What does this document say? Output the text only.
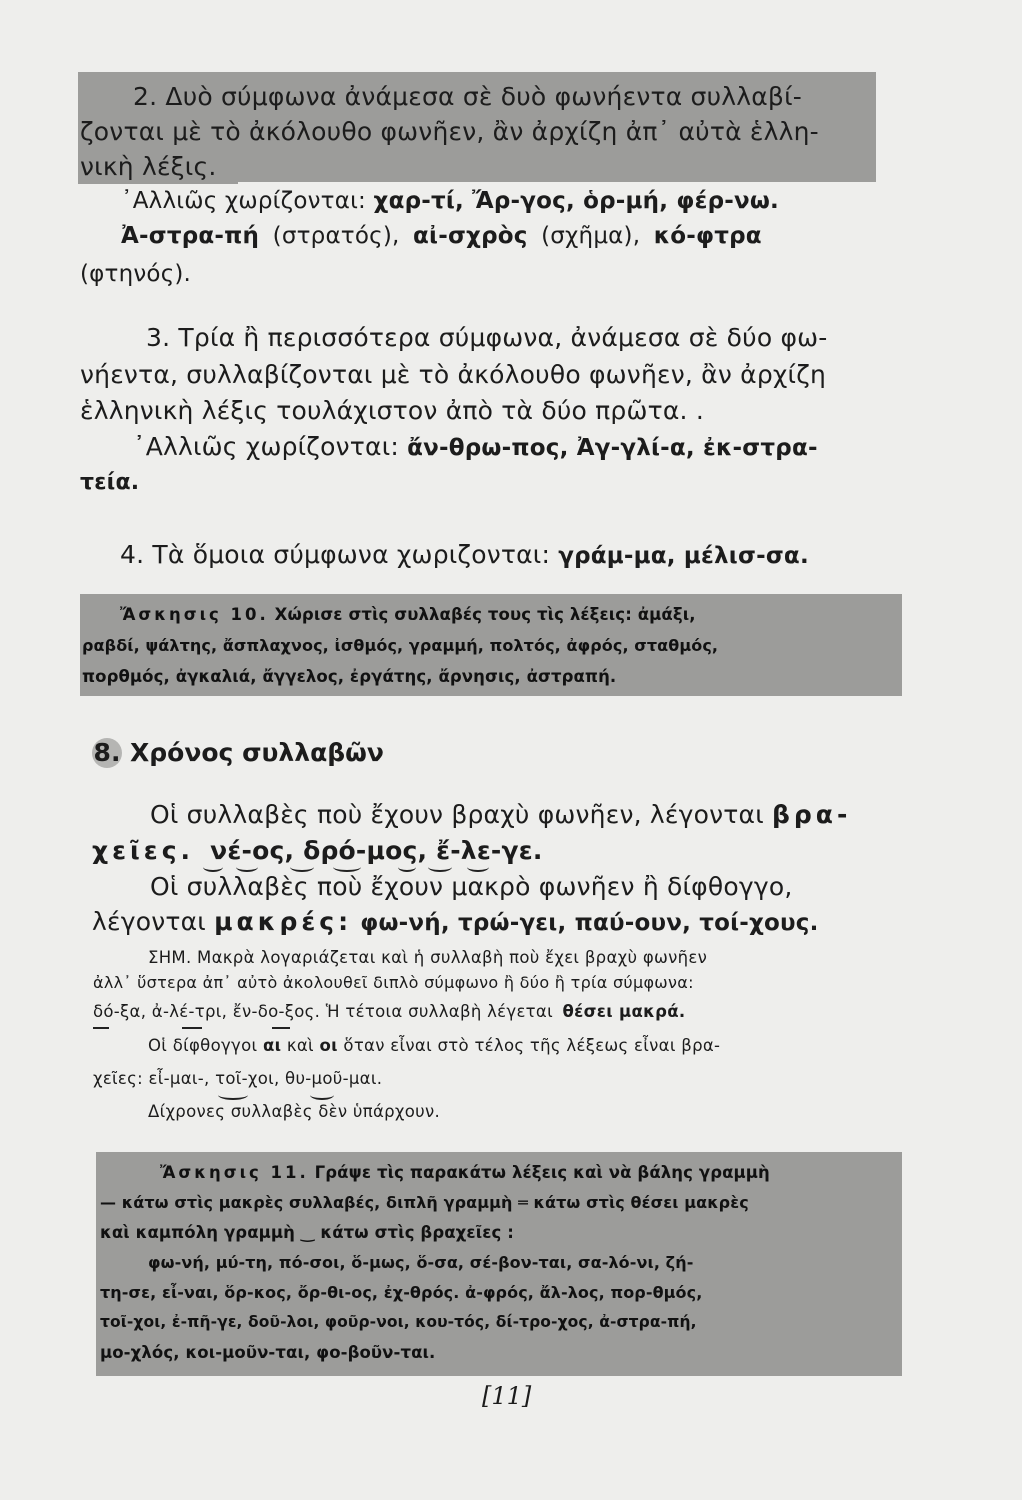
2. Δυὸ σύμφωνα ἀνάμεσα σὲ δυὸ φωνήεντα συλλαβί-
ζονται μὲ τὸ ἀκόλουθο φωνῆεν, ἂν ἀρχίζη ἀπ᾽ αὐτὰ ἑλλη-
νικὴ λέξις.
᾿Αλλιῶς χωρίζονται: χαρ-τί, Ἄρ-γος, ὁρ-μή, φέρ-νω.
Ἀ-στρα-πή (στρατός), αἰ-σχρὸς (σχῆμα), κό-φτρα
(φτηνός).
3. Τρία ἢ περισσότερα σύμφωνα, ἀνάμεσα σὲ δύο φω-
νήεντα, συλλαβίζονται μὲ τὸ ἀκόλουθο φωνῆεν, ἂν ἀρχίζη
ἑλληνικὴ λέξις τουλάχιστον ἀπὸ τὰ δύο πρῶτα. .
᾿Αλλιῶς χωρίζονται: ἄν-θρω-πος, Ἀγ-γλί-α, ἐκ-στρα-
τεία.
4. Τὰ ὅμοια σύμφωνα χωριζονται: γράμ-μα, μέλισ-σα.
Ἄσκησις 10. Χώρισε στὶς συλλαβές τους τὶς λέξεις: ἀμάξι,
ραβδί, ψάλτης, ἄσπλαχνος, ἰσθμός, γραμμή, πολτός, ἀφρός, σταθμός,
πορθμός, ἀγκαλιά, ἄγγελος, ἐργάτης, ἄρνησις, ἀστραπή.
8. Χρόνος συλλαβῶν
Οἱ συλλαβὲς ποὺ ἔχουν βραχὺ φωνῆεν, λέγονται βρα-
χεῖες. νέ-ος, δρό-μος, ἔ-λε-γε.
Οἱ συλλαβὲς ποὺ ἔχουν μακρὸ φωνῆεν ἢ δίφθογγο,
λέγονται μακρές: φω-νή, τρώ-γει, παύ-ουν, τοί-χους.
ΣΗΜ. Μακρὰ λογαριάζεται καὶ ἡ συλλαβὴ ποὺ ἔχει βραχὺ φωνῆεν
ἀλλ᾽ ὕστερα ἀπ᾽ αὐτὸ ἀκολουθεῖ διπλὸ σύμφωνο ἢ δύο ἢ τρία σύμφωνα:
δό-ξα, ἀ-λέ-τρι, ἔν-δο-ξος. Ἡ τέτοια συλλαβὴ λέγεται θέσει μακρά.
Οἱ δίφθογγοι αι καὶ οι ὅταν εἶναι στὸ τέλος τῆς λέξεως εἶναι βρα-
χεῖες: εἶ-μαι-, τοῖ-χοι, θυ-μοῦ-μαι.
Δίχρονες συλλαβὲς δὲν ὑπάρχουν.
Ἄσκησις 11. Γράψε τὶς παρακάτω λέξεις καὶ νὰ βάλης γραμμὴ
— κάτω στὶς μακρὲς συλλαβές, διπλῆ γραμμὴ ═ κάτω στὶς θέσει μακρὲς
καὶ καμπόλη γραμμὴ ‿ κάτω στὶς βραχεῖες :
φω-νή, μύ-τη, πό-σοι, ὅ-μως, ὅ-σα, σέ-βον-ται, σα-λό-νι, ζή-
τη-σε, εἶ-ναι, ὅρ-κος, ὄρ-θι-ος, ἐχ-θρός. ἀ-φρός, ἄλ-λος, πορ-θμός,
τοῖ-χοι, ἐ-πῆ-γε, δοῦ-λοι, φοῦρ-νοι, κου-τός, δί-τρο-χος, ἀ-στρα-πή,
μο-χλός, κοι-μοῦν-ται, φο-βοῦν-ται.
[11]
